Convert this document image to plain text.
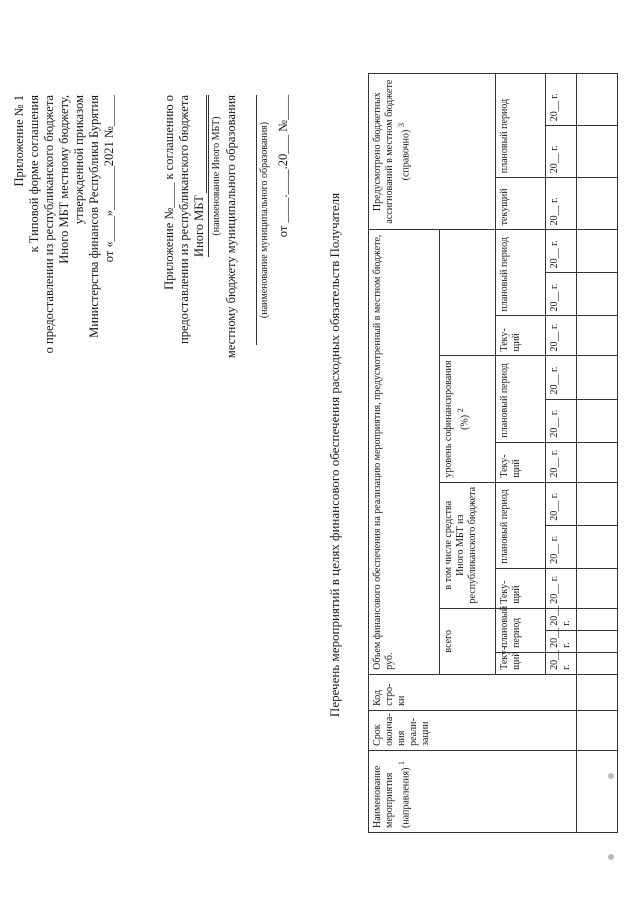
Приложение № 1 к Типовой форме соглашения о предоставлении из республиканского бюджета Иного МБТ местному бюджету, утвержденной приказом Министерства финансов Республики Бурятия от «____»_______2021 №_____	Приложение №____ к соглашению о предоставлении из республиканского бюджета Иного МБТ (наименование Иного МБТ) местному бюджету муниципального образования	(наименование муниципального образования) от ____.____.20___ №____
Перечень мероприятий в целях финансового обеспечения расходных обязательств Получателя
Наименование мероприятия (направления) $^1$	Срок оконча-ния реали-зации	Код стро-ки	Объем финансового обеспечения на реализацию мероприятия, предусмотренный в местном бюджете, руб.												Предусмотрено бюджетных ассигнований в местном бюджете (справочно) $^3$
			всего			в том числе средства Иного МБТ из республиканского бюджета			уровень софинансирования (%) $^2$	
			Теку-щий	плановый период		Теку-щий	плановый период		Теку-щий	плановый период		Теку-щий	плановый период		текущий	плановый период	
			20__ г.	20__ г.	20__ г.	20__ г.	20__ г.	20__ г.	20__ г.	20__ г.	20__ г.	20__ г.	20__ г.	20__ г.	20__ г.	20__ г.	20__ г.
